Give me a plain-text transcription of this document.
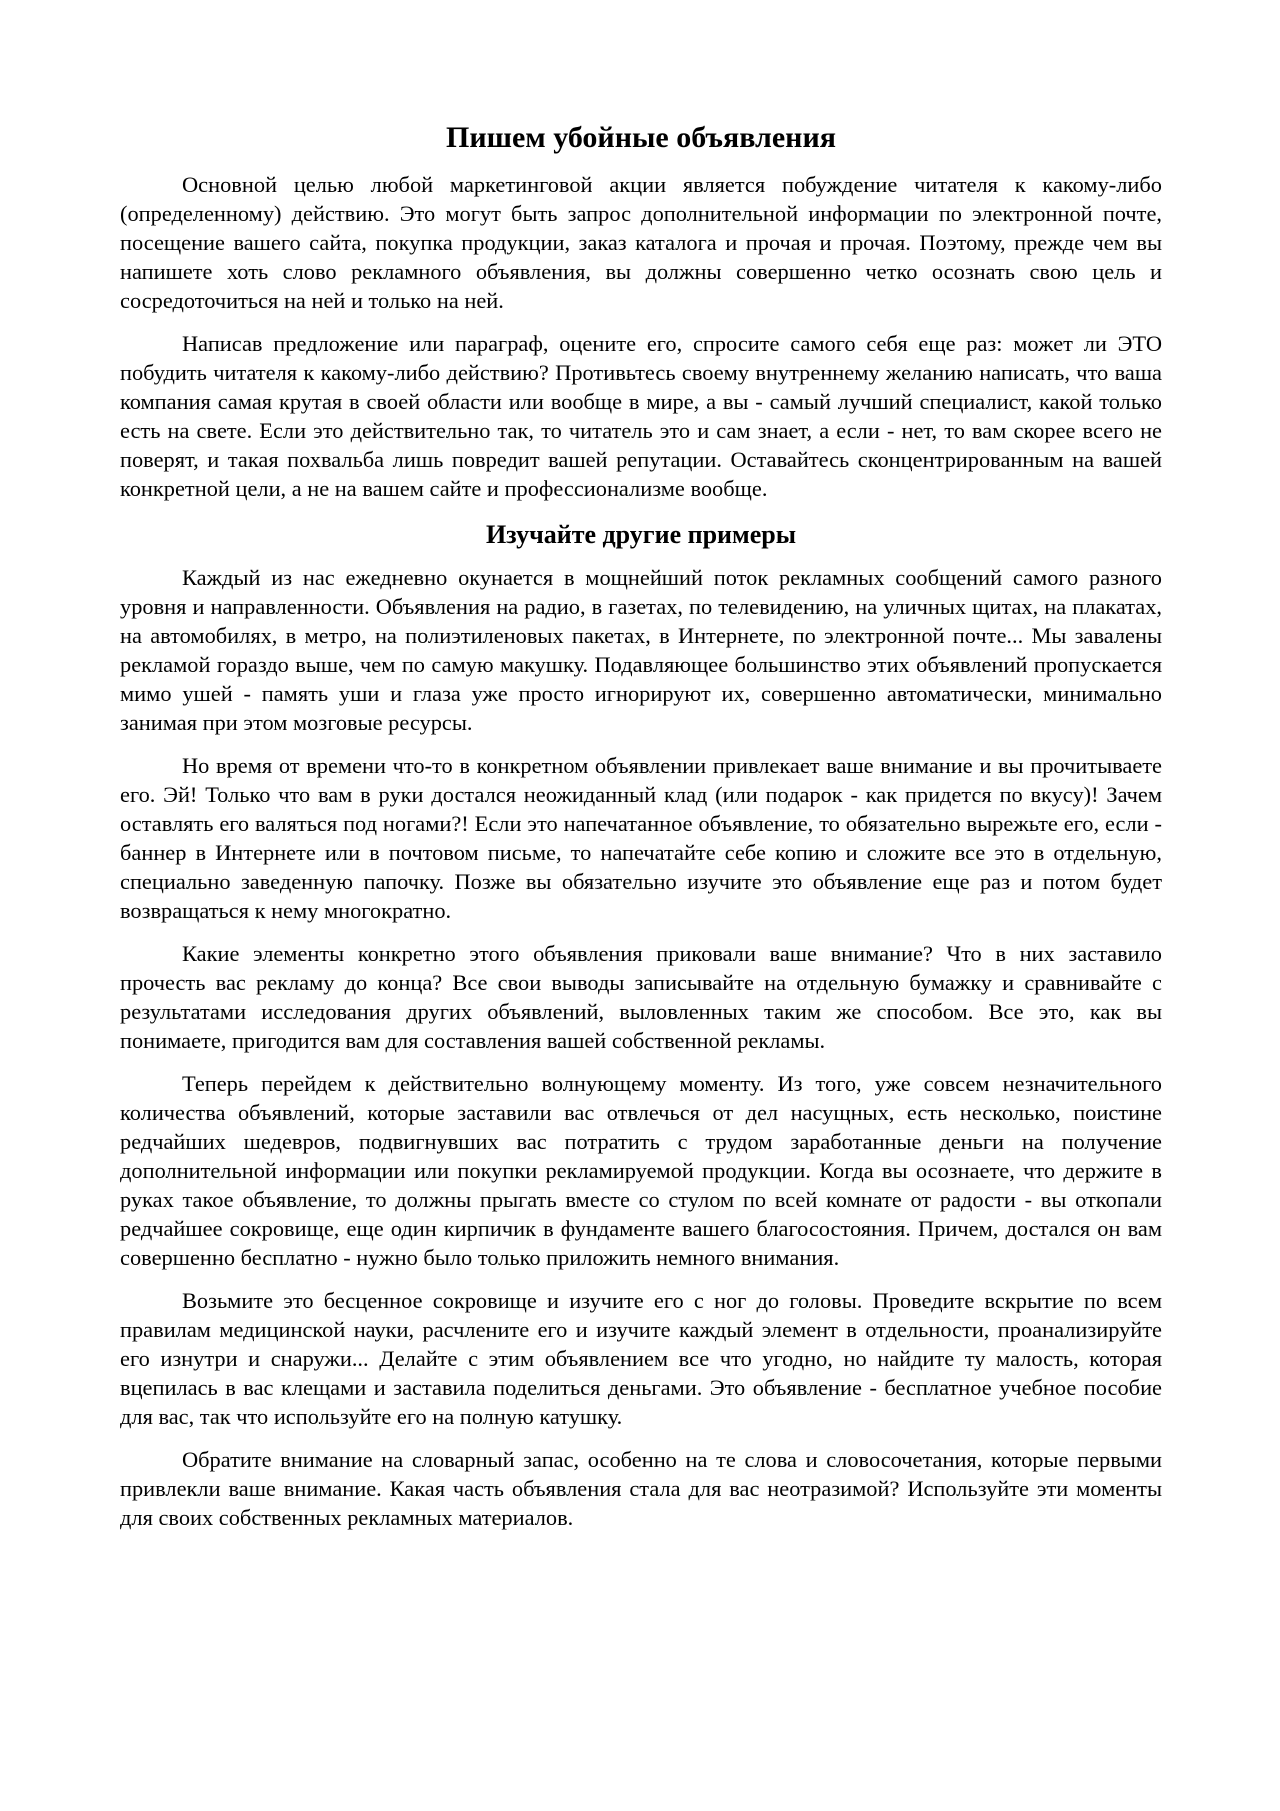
Пишем убойные объявления

Основной целью любой маркетинговой акции является побуждение читателя к какому-либо (определенному) действию. Это могут быть запрос дополнительной информации по электронной почте, посещение вашего сайта, покупка продукции, заказ каталога и прочая и прочая. Поэтому, прежде чем вы напишете хоть слово рекламного объявления, вы должны совершенно четко осознать свою цель и сосредоточиться на ней и только на ней.

Написав предложение или параграф, оцените его, спросите самого себя еще раз: может ли ЭТО побудить читателя к какому-либо действию? Противьтесь своему внутреннему желанию написать, что ваша компания самая крутая в своей области или вообще в мире, а вы - самый лучший специалист, какой только есть на свете. Если это действительно так, то читатель это и сам знает, а если - нет, то вам скорее всего не поверят, и такая похвальба лишь повредит вашей репутации. Оставайтесь сконцентрированным на вашей конкретной цели, а не на вашем сайте и профессионализме вообще.

Изучайте другие примеры

Каждый из нас ежедневно окунается в мощнейший поток рекламных сообщений самого разного уровня и направленности. Объявления на радио, в газетах, по телевидению, на уличных щитах, на плакатах, на автомобилях, в метро, на полиэтиленовых пакетах, в Интернете, по электронной почте... Мы завалены рекламой гораздо выше, чем по самую макушку. Подавляющее большинство этих объявлений пропускается мимо ушей - память уши и глаза уже просто игнорируют их, совершенно автоматически, минимально занимая при этом мозговые ресурсы.

Но время от времени что-то в конкретном объявлении привлекает ваше внимание и вы прочитываете его. Эй! Только что вам в руки достался неожиданный клад (или подарок - как придется по вкусу)! Зачем оставлять его валяться под ногами?! Если это напечатанное объявление, то обязательно вырежьте его, если - баннер в Интернете или в почтовом письме, то напечатайте себе копию и сложите все это в отдельную, специально заведенную папочку. Позже вы обязательно изучите это объявление еще раз и потом будет возвращаться к нему многократно.

Какие элементы конкретно этого объявления приковали ваше внимание? Что в них заставило прочесть вас рекламу до конца? Все свои выводы записывайте на отдельную бумажку и сравнивайте с результатами исследования других объявлений, выловленных таким же способом. Все это, как вы понимаете, пригодится вам для составления вашей собственной рекламы.

Теперь перейдем к действительно волнующему моменту. Из того, уже совсем незначительного количества объявлений, которые заставили вас отвлечься от дел насущных, есть несколько, поистине редчайших шедевров, подвигнувших вас потратить с трудом заработанные деньги на получение дополнительной информации или покупки рекламируемой продукции. Когда вы осознаете, что держите в руках такое объявление, то должны прыгать вместе со стулом по всей комнате от радости - вы откопали редчайшее сокровище, еще один кирпичик в фундаменте вашего благосостояния. Причем, достался он вам совершенно бесплатно - нужно было только приложить немного внимания.

Возьмите это бесценное сокровище и изучите его с ног до головы. Проведите вскрытие по всем правилам медицинской науки, расчлените его и изучите каждый элемент в отдельности, проанализируйте его изнутри и снаружи... Делайте с этим объявлением все что угодно, но найдите ту малость, которая вцепилась в вас клещами и заставила поделиться деньгами. Это объявление - бесплатное учебное пособие для вас, так что используйте его на полную катушку.

Обратите внимание на словарный запас, особенно на те слова и словосочетания, которые первыми привлекли ваше внимание. Какая часть объявления стала для вас неотразимой? Используйте эти моменты для своих собственных рекламных материалов.
